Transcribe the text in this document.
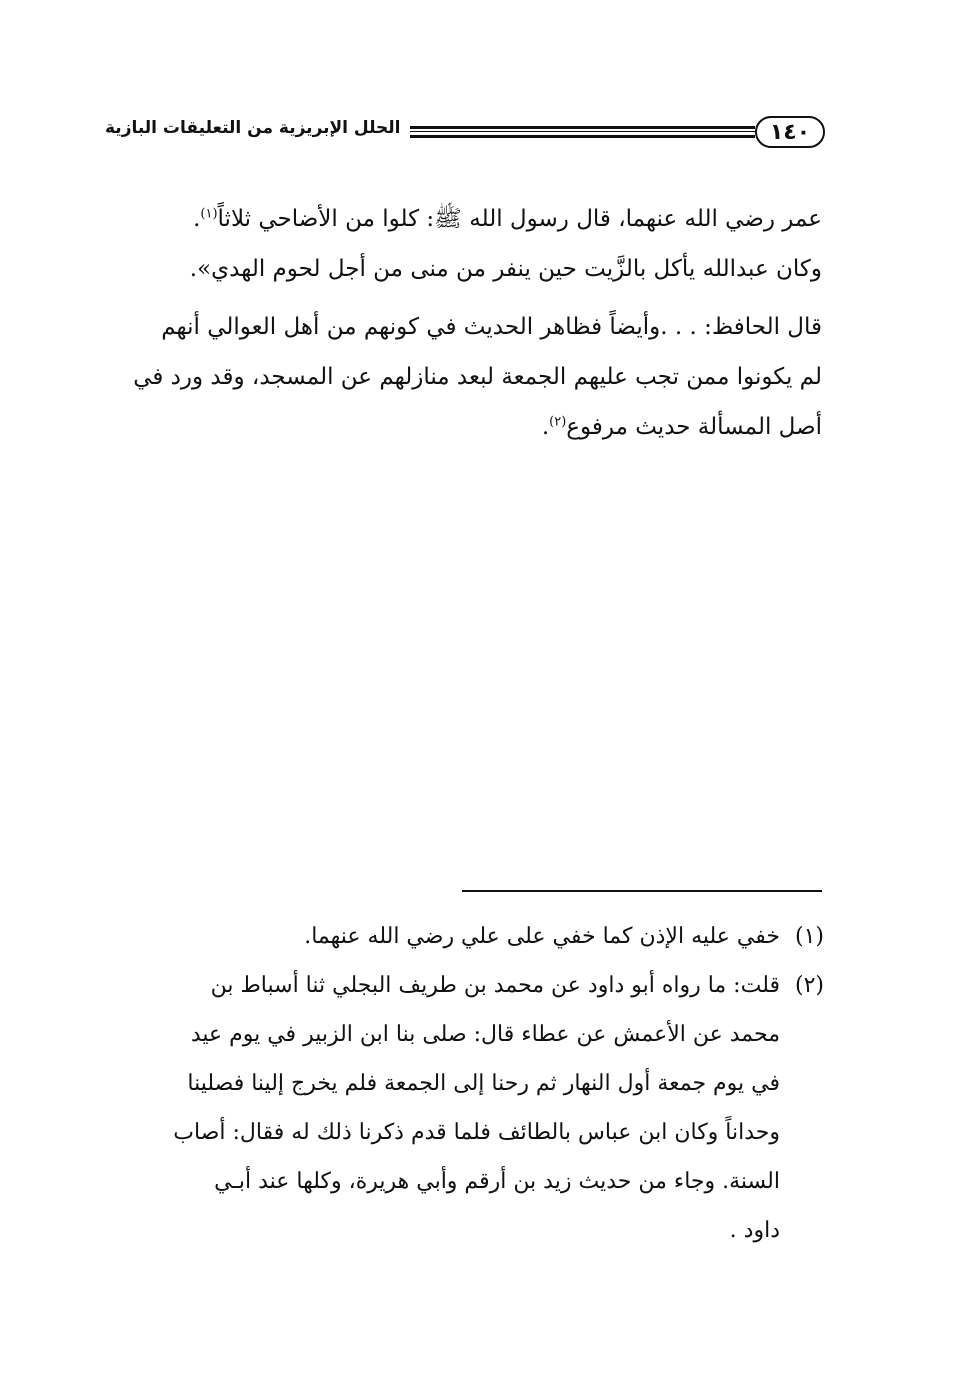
١٤٠
الحلل الإبريزية من التعليقات البازية

عمر رضي الله عنهما، قال رسول الله ﷺ: كلوا من الأضاحي ثلاثاً$^{(١)}$.
وكان عبدالله يأكل بالزَّيت حين ينفر من منى من أجل لحوم الهدي».

قال الحافظ: . . .وأيضاً فظاهر الحديث في كونهم من أهل العوالي أنهم
لم يكونوا ممن تجب عليهم الجمعة لبعد منازلهم عن المسجد، وقد ورد في
أصل المسألة حديث مرفوع$^{(٢)}$.

(١)
خفي عليه الإذن كما خفي على علي رضي الله عنهما.
(٢)
قلت: ما رواه أبو داود عن محمد بن طريف البجلي ثنا أسباط بن
محمد عن الأعمش عن عطاء قال: صلى بنا ابن الزبير في يوم عيد
في يوم جمعة أول النهار ثم رحنا إلى الجمعة فلم يخرج إلينا فصلينا
وحداناً وكان ابن عباس بالطائف فلما قدم ذكرنا ذلك له فقال: أصاب
السنة. وجاء من حديث زيد بن أرقم وأبي هريرة، وكلها عند أبـي
داود .
